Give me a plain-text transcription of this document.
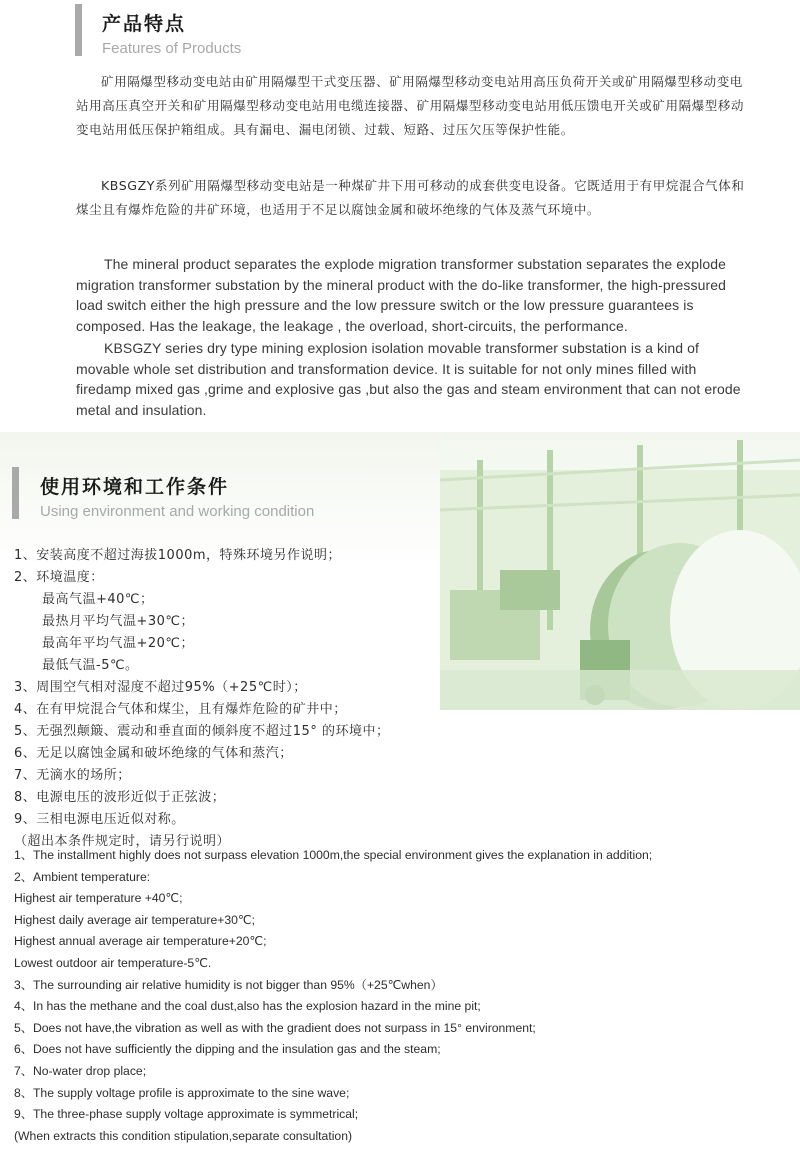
产品特点
Features of Products

矿用隔爆型移动变电站由矿用隔爆型干式变压器、矿用隔爆型移动变电站用高压负荷开关或矿用隔爆型移动变电站用高压真空开关和矿用隔爆型移动变电站用电缆连接器、矿用隔爆型移动变电站用低压馈电开关或矿用隔爆型移动变电站用低压保护箱组成。具有漏电、漏电闭锁、过载、短路、过压欠压等保护性能。

KBSGZY系列矿用隔爆型移动变电站是一种煤矿井下用可移动的成套供变电设备。它既适用于有甲烷混合气体和煤尘且有爆炸危险的井矿环境，也适用于不足以腐蚀金属和破坏绝缘的气体及蒸气环境中。

The mineral product separates the explode migration transformer substation separates the explode migration transformer substation by the mineral product with the do-like transformer, the high-pressured load switch either the high pressure and the low pressure switch or the low pressure guarantees is composed. Has the leakage, the leakage , the overload, short-circuits, the performance.

KBSGZY series dry type mining explosion isolation movable transformer substation is a kind of movable whole set distribution and transformation device. It is suitable for not only mines filled with firedamp mixed gas ,grime and explosive gas ,but also the gas and steam environment that can not erode metal and insulation.

使用环境和工作条件
Using environment and working condition
1、安装高度不超过海拔1000m，特殊环境另作说明；
2、环境温度：
最高气温+40℃；
最热月平均气温+30℃；
最高年平均气温+20℃；
最低气温-5℃。
3、周围空气相对湿度不超过95%（+25℃时）；
4、在有甲烷混合气体和煤尘，且有爆炸危险的矿井中；
5、无强烈颠簸、震动和垂直面的倾斜度不超过15° 的环境中；
6、无足以腐蚀金属和破坏绝缘的气体和蒸汽；
7、无滴水的场所；
8、电源电压的波形近似于正弦波；
9、三相电源电压近似对称。
（超出本条件规定时，请另行说明）
1、The installment highly does not surpass elevation 1000m,the special environment gives the explanation in addition;
2、Ambient temperature:
Highest air temperature +40℃;
Highest daily average air temperature+30℃;
Highest annual average air temperature+20℃;
Lowest outdoor air temperature-5℃.
3、The surrounding air relative humidity is not bigger than 95%（+25℃when）
4、In has the methane and the coal dust,also has the explosion hazard in the mine pit;
5、Does not have,the vibration as well as with the gradient does not surpass in 15° environment;
6、Does not have sufficiently the dipping and the insulation gas and the steam;
7、No-water drop place;
8、The supply voltage profile is approximate to the sine wave;
9、The three-phase supply voltage approximate is symmetrical;
(When extracts this condition stipulation,separate consultation)
